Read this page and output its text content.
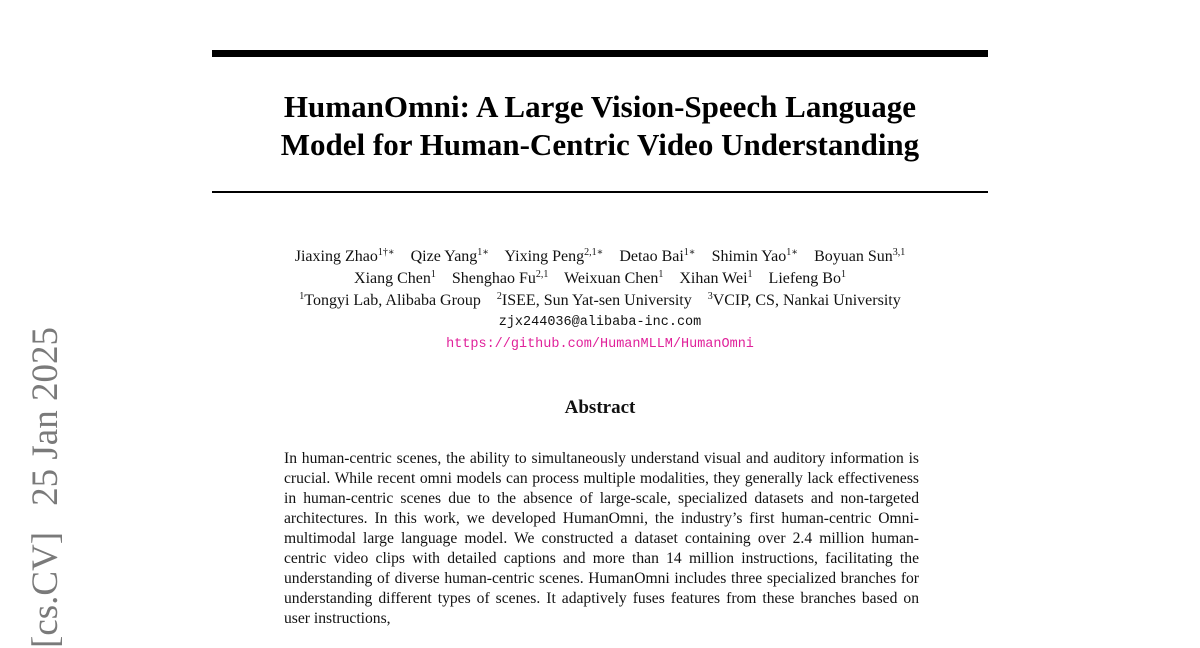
[cs.CV]25 Jan 2025
HumanOmni: A Large Vision-Speech Language
Model for Human-Centric Video Understanding
Jiaxing Zhao$^{1\dagger∗}$ Qize Yang$^{1∗}$ Yixing Peng$^{2,1∗}$ Detao Bai$^{1∗}$ Shimin Yao$^{1∗}$ Boyuan Sun$^{3,1}$
Xiang Chen$^1$ Shenghao Fu$^{2,1}$ Weixuan Chen$^1$ Xihan Wei$^1$ Liefeng Bo$^1$
$^1$Tongyi Lab, Alibaba Group $^2$ISEE, Sun Yat-sen University $^3$VCIP, CS, Nankai University
zjx244036@alibaba-inc.com
https://github.com/HumanMLLM/HumanOmni
Abstract

In human-centric scenes, the ability to simultaneously understand visual and auditory information is crucial. While recent omni models can process multiple modalities, they generally lack effectiveness in human-centric scenes due to the absence of large-scale, specialized datasets and non-targeted architectures. In this work, we developed HumanOmni, the industry’s first human-centric Omni-multimodal large language model. We constructed a dataset containing over 2.4 million human-centric video clips with detailed captions and more than 14 million instructions, facilitating the understanding of diverse human-centric scenes. HumanOmni includes three specialized branches for understanding different types of scenes. It adaptively fuses features from these branches based on user instructions,
